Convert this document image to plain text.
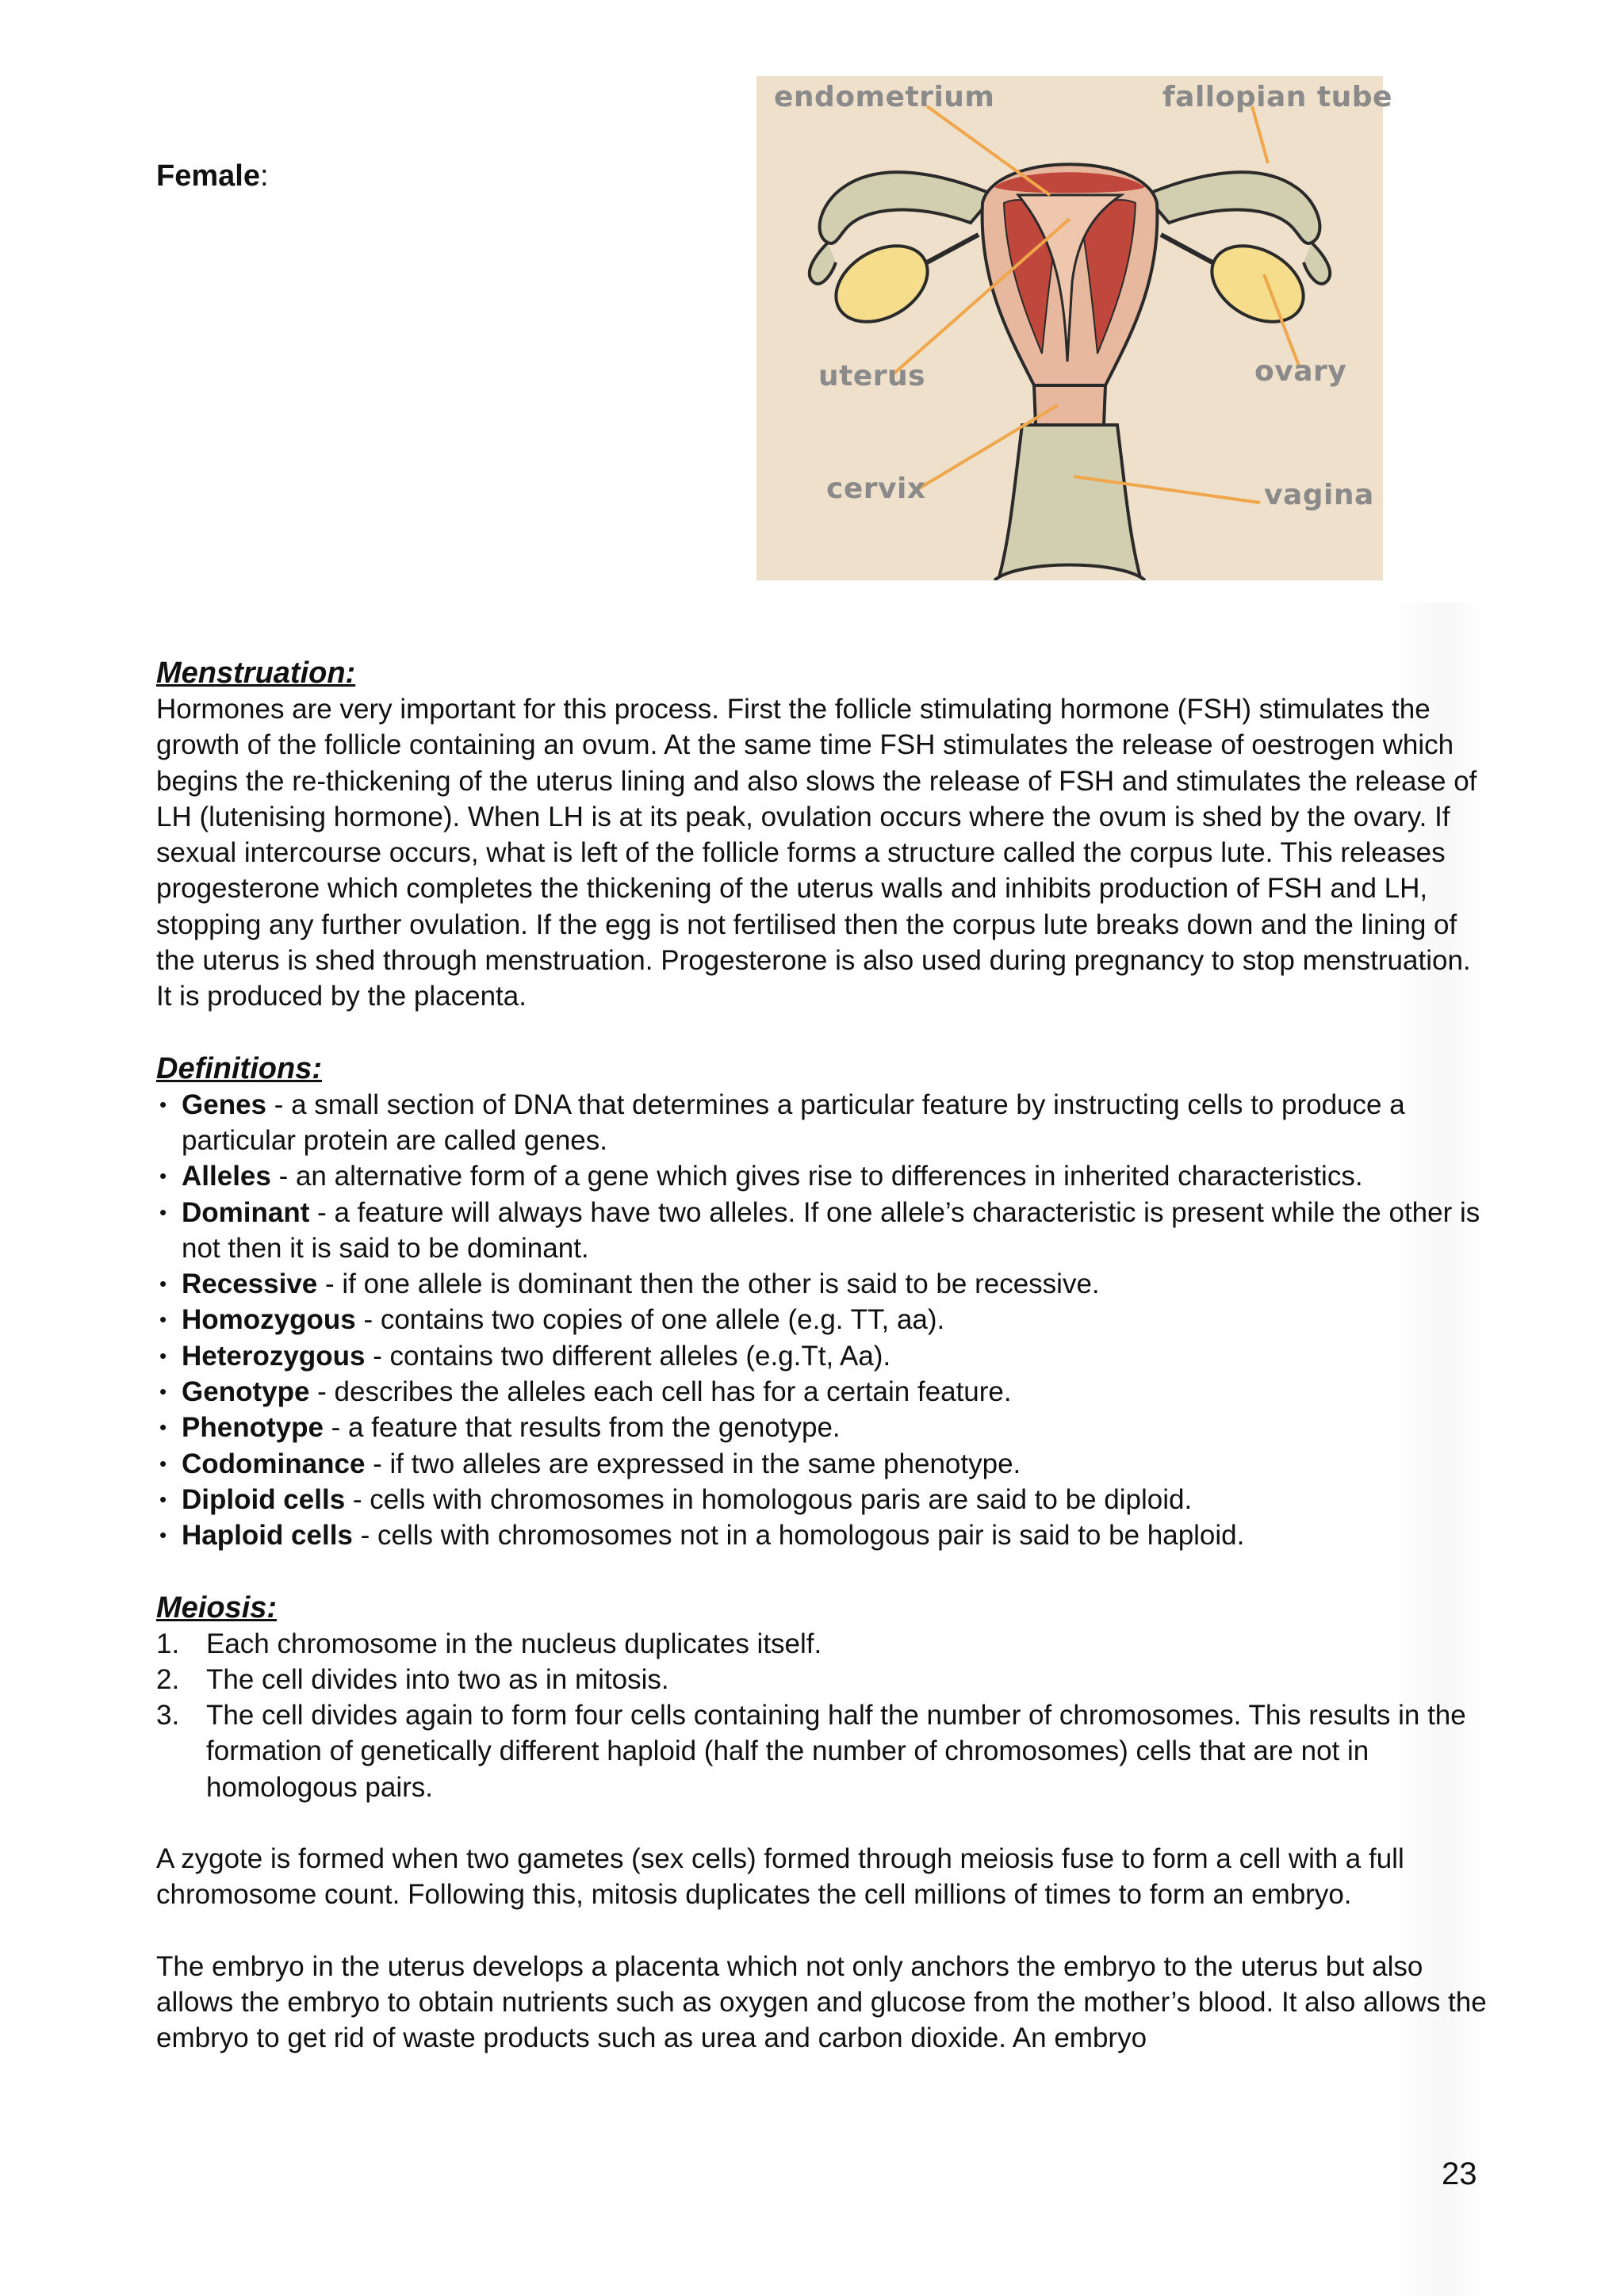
Female:
endometrium	fallopian tube
uterus	ovary
cervix	vagina
Menstruation:

Hormones are very important for this process. First the follicle stimulating hormone (FSH) stimulates the growth of the follicle containing an ovum. At the same time FSH stimulates the release of oestrogen which begins the re-thickening of the uterus lining and also slows the release of FSH and stimulates the release of LH (lutenising hormone). When LH is at its peak, ovulation occurs where the ovum is shed by the ovary. If sexual intercourse occurs, what is left of the follicle forms a structure called the corpus lute. This releases progesterone which completes the thickening of the uterus walls and inhibits production of FSH and LH, stopping any further ovulation. If the egg is not fertilised then the corpus lute breaks down and the lining of the uterus is shed through menstruation. Progesterone is also used during pregnancy to stop menstruation. It is produced by the placenta.

Definitions:
• Genes - a small section of DNA that determines a particular feature by instructing cells to produce a particular protein are called genes.
• Alleles - an alternative form of a gene which gives rise to differences in inherited characteristics.
• Dominant - a feature will always have two alleles. If one allele’s characteristic is present while the other is not then it is said to be dominant.
• Recessive - if one allele is dominant then the other is said to be recessive.
• Homozygous - contains two copies of one allele (e.g. TT, aa).
• Heterozygous - contains two different alleles (e.g.Tt, Aa).
• Genotype - describes the alleles each cell has for a certain feature.
• Phenotype - a feature that results from the genotype.
• Codominance - if two alleles are expressed in the same phenotype.
• Diploid cells - cells with chromosomes in homologous paris are said to be diploid.
• Haploid cells - cells with chromosomes not in a homologous pair is said to be haploid.
Meiosis:
1. Each chromosome in the nucleus duplicates itself.
2. The cell divides into two as in mitosis.
3. The cell divides again to form four cells containing half the number of chromosomes. This results in the formation of genetically different haploid (half the number of chromosomes) cells that are not in homologous pairs.

A zygote is formed when two gametes (sex cells) formed through meiosis fuse to form a cell with a full chromosome count. Following this, mitosis duplicates the cell millions of times to form an embryo.

The embryo in the uterus develops a placenta which not only anchors the embryo to the uterus but also allows the embryo to obtain nutrients such as oxygen and glucose from the mother’s blood. It also allows the embryo to get rid of waste products such as urea and carbon dioxide. An embryo

23
